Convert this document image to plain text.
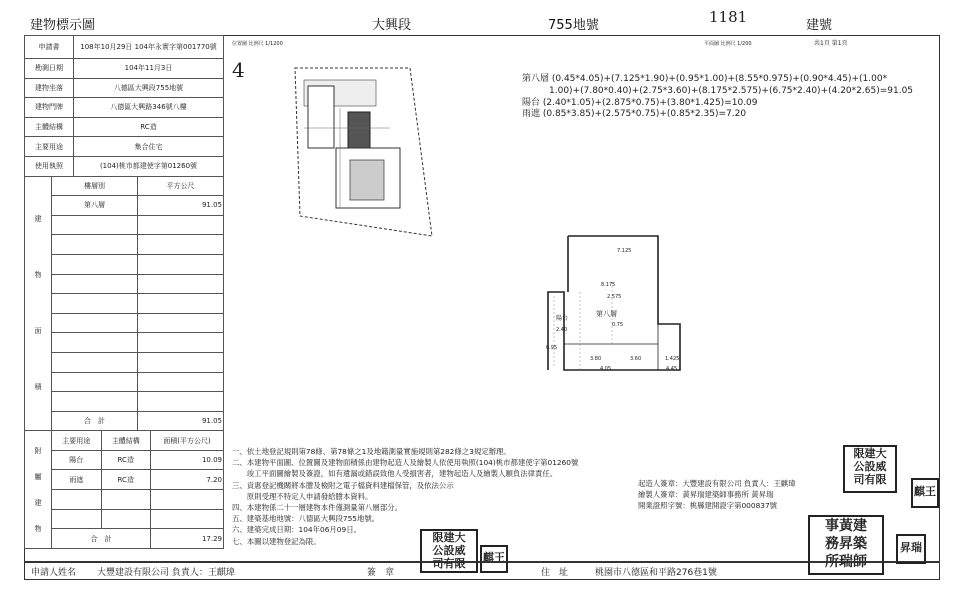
建物標示圖	大興段	755地號	1181	建號
申請書	108年10月29日 104年永實字第001770號
勘測日期	104年11月3日
建物坐落	八德區大興段755地號
建物門牌	八德區大興路346號八樓
主體結構	RC造
主要用途	集合住宅
使用執照	(104)桃市都建使字第01260號
建
物
面
積	樓層別	平方公尺
	第八層	91.05

	合　計	91.05
附
屬
建
物	主要用途	主體結構	面積(平方公尺)
	陽台	RC造	10.09
	雨遮	RC造	7.20

	合　計		17.29
位置圖 比例尺 1/1200
4
平面圖 比例尺 1/200	共1頁 第1頁
第八層 (0.45*4.05)+(7.125*1.90)+(0.95*1.00)+(8.55*0.975)+(0.90*4.45)+(1.00*
　　　1.00)+(7.80*0.40)+(2.75*3.60)+(8.175*2.575)+(6.75*2.40)+(4.20*2.65)=91.05
陽台 (2.40*1.05)+(2.875*0.75)+(3.80*1.425)=10.09
雨遮 (0.85*3.85)+(2.575*0.75)+(0.85*2.35)=7.20
7.125
8.175
4.45
2.575
0.95
3.80	1.425
2.40
4.05
3.60
0.75
第八層
陽台
一、依土地登記規則第78條、第78條之1及地籍測量實施規則第282條之3規定辦理。
二、本建物平面圖、位置圖及建物面積係由建物起造人及繪製人依使用執照(104)桃市都建使字第01260號
　　竣工平面圖繪製及簽證，如有遺漏或錯誤致他人受損害者，建物起造人及繪製人願負法律責任。
三、貢惠登記機關將本謄及檢附之電子檔資料建檔保管，及依法公示
　　原則受理不特定人申請發給謄本資料。
四、本建物係二十一層建物本件僅測量第八層部分。
五、建築基地地號：八德區大興段755地號。
六、建築完成日期：104年06月09日。
七、本圖以建物登記為限。
起造人簽章：大豐建設有限公司 負責人：王麒瑋
繪製人簽章：黃昇瑞建築師事務所 黃昇瑞
開業證照字號：桃縣建開證字第000837號
限建大
公設威
司有限
麒王
事黃建
務昇築
所瑞師
昇瑞
限建大
公設威
司有限	麒王
申請人姓名 大豐建設有限公司 負責人：王麒瑋	簽　章	住　址	桃園市八德區和平路276巷1號
